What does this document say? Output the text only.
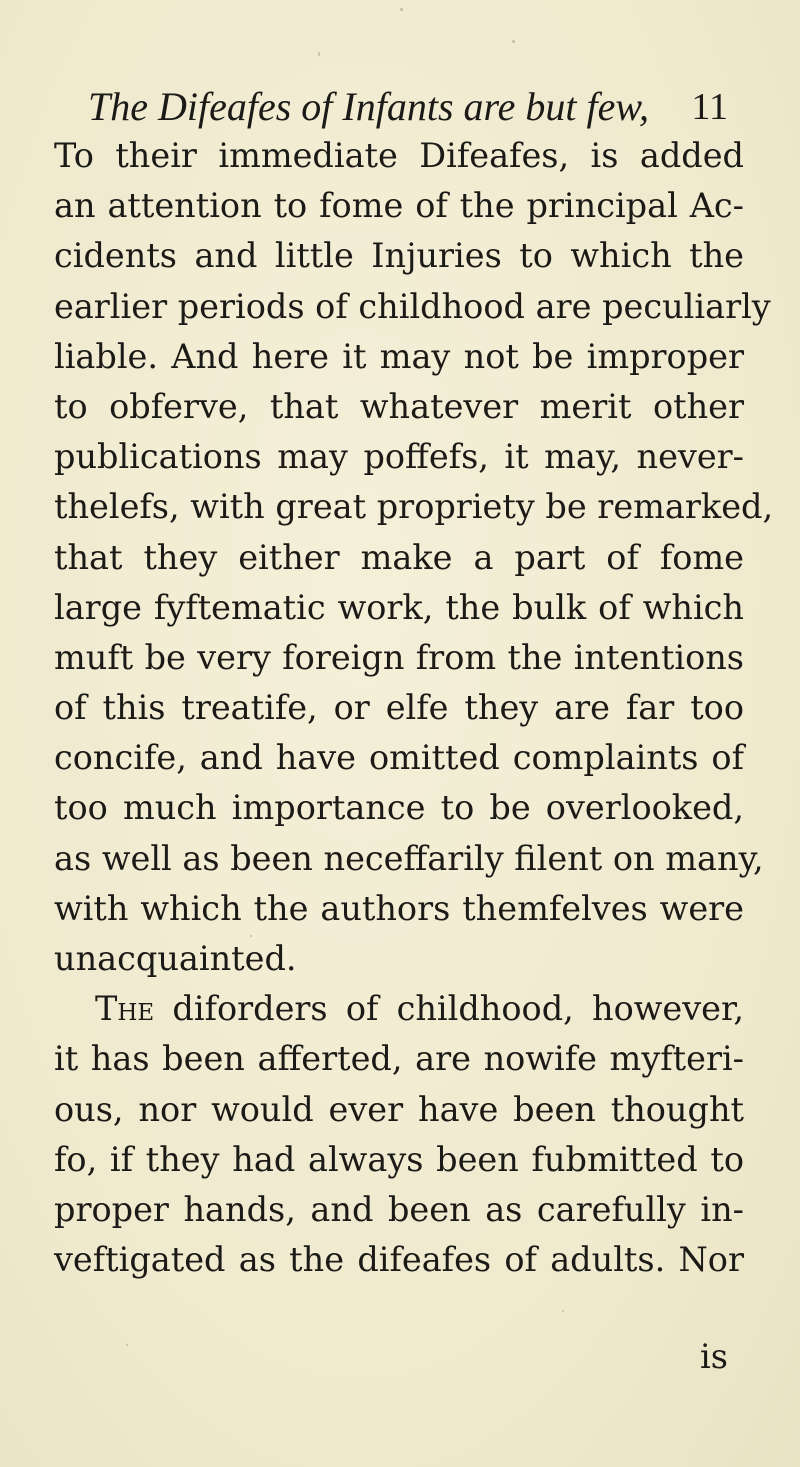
The Difeafes of Infants are but few, 11
To their immediate Difeafes, is added
an attention to fome of the principal Ac-
cidents and little Injuries to which the
earlier periods of childhood are peculiarly
liable. And here it may not be improper
to obferve, that whatever merit other
publications may poffefs, it may, never-
thelefs, with great propriety be remarked,
that they either make a part of fome
large fyftematic work, the bulk of which
muft be very foreign from the intentions
of this treatife, or elfe they are far too
concife, and have omitted complaints of
too much importance to be overlooked,
as well as been neceffarily filent on many,
with which the authors themfelves were
unacquainted.
The diforders of childhood, however,
it has been afferted, are nowife myfteri-
ous, nor would ever have been thought
fo, if they had always been fubmitted to
proper hands, and been as carefully in-
veftigated as the difeafes of adults. Nor
is
